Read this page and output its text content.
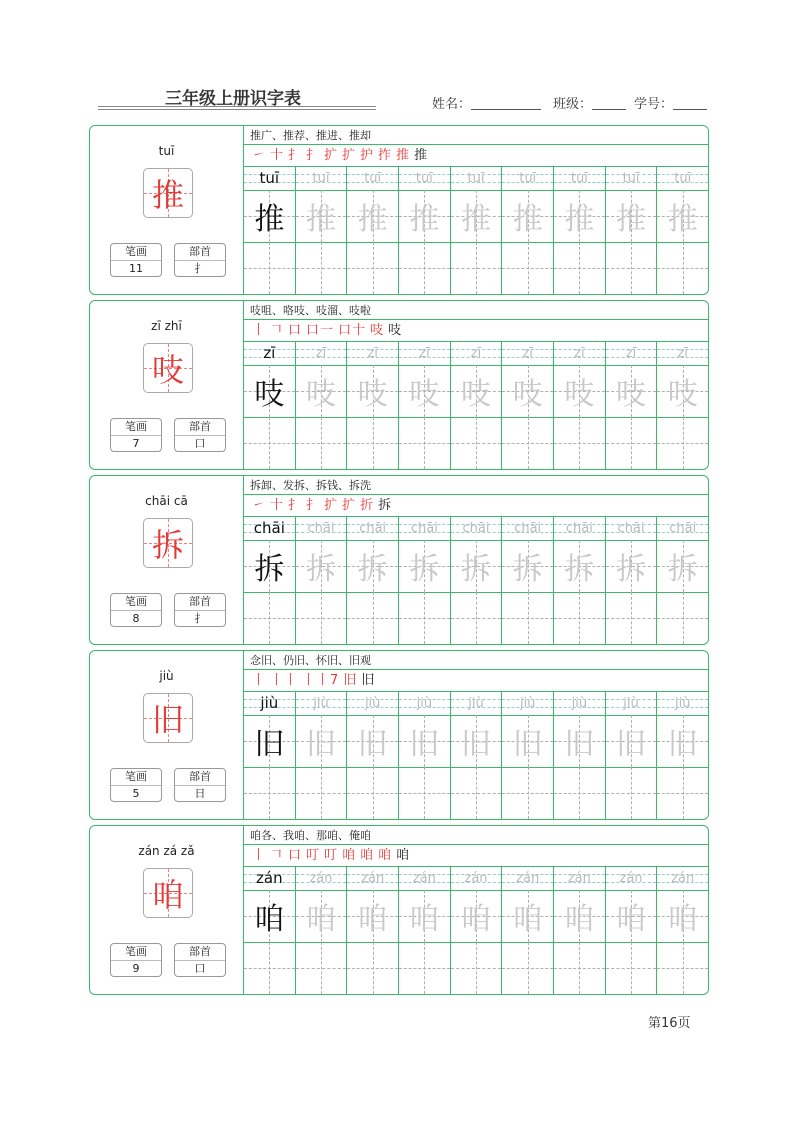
三年级上册识字表	姓名：	班级：	学号：
tuī
推
笔画
11
部首
扌
推广、推荐、推进、推却
㇀ 十 扌 扌 扩 扩 护 拃 推 推
tuī	tuī	tuī	tuī	tuī	tuī	tuī	tuī	tuī
推 推 推 推 推 推 推 推 推
zī zhī
吱
笔画
7
部首
口
吱咀、咯吱、吱溜、吱啦
丨 𠃍 口 口一 口十 吱 吱
zī	zī	zī	zī	zī	zī	zī	zī	zī
吱 吱 吱 吱 吱 吱 吱 吱 吱
chāi cā
拆
笔画
8
部首
扌
拆卸、发拆、拆钱、拆洗
㇀ 十 扌 扌 扩 扩 折 拆
chāi	chāi	chāi	chāi	chāi	chāi	chāi	chāi	chāi
拆 拆 拆 拆 拆 拆 拆 拆 拆
jiù
旧
笔画
5
部首
日
念旧、仍旧、怀旧、旧观
丨 丨丨 丨丨7 旧 旧
jiù	jiù	jiù	jiù	jiù	jiù	jiù	jiù	jiù
旧 旧 旧 旧 旧 旧 旧 旧 旧
zán zá zǎ
咱
笔画
9
部首
口
咱各、我咱、那咱、俺咱
丨 𠃍 口 叮 叮 咱 咱 咱 咱
zán	zán	zán	zán	zán	zán	zán	zán	zán
咱 咱 咱 咱 咱 咱 咱 咱 咱
第16页
